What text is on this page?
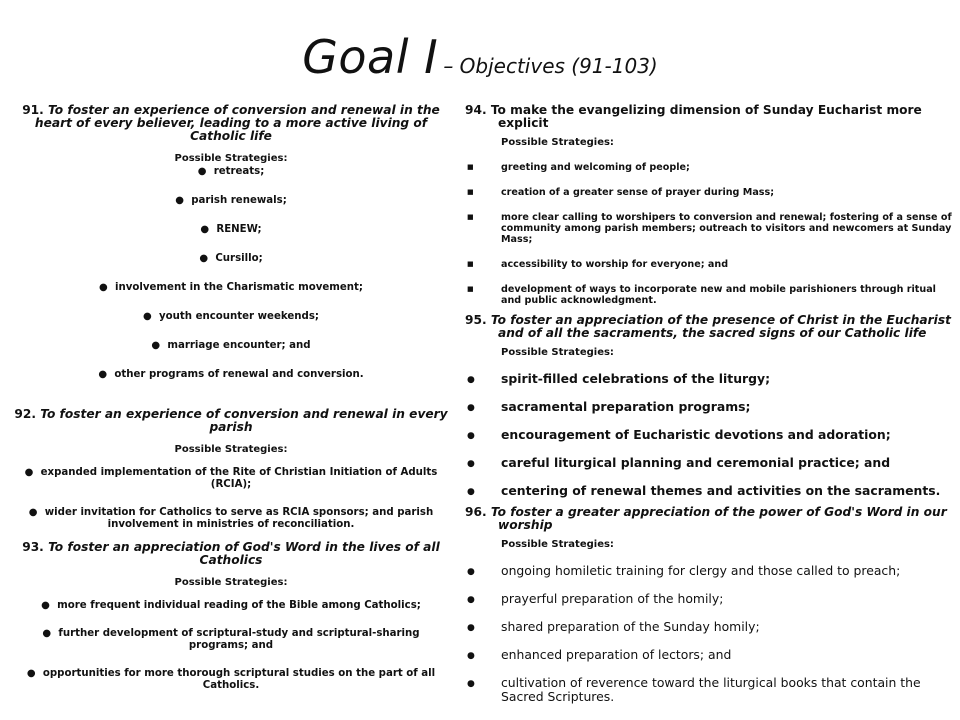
Goal I – Objectives (91-103)

91. To foster an experience of conversion and renewal in the heart of every believer, leading to a more active living of Catholic life

Possible Strategies:

● retreats;
● parish renewals;
● RENEW;
● Cursillo;
● involvement in the Charismatic movement;
● youth encounter weekends;
● marriage encounter; and
● other programs of renewal and conversion.

92. To foster an experience of conversion and renewal in every parish

Possible Strategies:

● expanded implementation of the Rite of Christian Initiation of Adults (RCIA);
● wider invitation for Catholics to serve as RCIA sponsors; and parish involvement in ministries of reconciliation.

93. To foster an appreciation of God's Word in the lives of all Catholics

Possible Strategies:

● more frequent individual reading of the Bible among Catholics;
● further development of scriptural-study and scriptural-sharing programs; and
● opportunities for more thorough scriptural studies on the part of all Catholics.

94. To make the evangelizing dimension of Sunday Eucharist more explicit

Possible Strategies:

■	greeting and welcoming of people;
■	creation of a greater sense of prayer during Mass;
■	more clear calling to worshipers to conversion and renewal; fostering of a sense of community among parish members; outreach to visitors and newcomers at Sunday Mass;
■	accessibility to worship for everyone; and
■	development of ways to incorporate new and mobile parishioners through ritual and public acknowledgment.

95. To foster an appreciation of the presence of Christ in the Eucharist and of all the sacraments, the sacred signs of our Catholic life

Possible Strategies:

● spirit-filled celebrations of the liturgy;
● sacramental preparation programs;
● encouragement of Eucharistic devotions and adoration;
● careful liturgical planning and ceremonial practice; and
● centering of renewal themes and activities on the sacraments.

96. To foster a greater appreciation of the power of God's Word in our worship

Possible Strategies:

● ongoing homiletic training for clergy and those called to preach;
● prayerful preparation of the homily;
● shared preparation of the Sunday homily;
● enhanced preparation of lectors; and
● cultivation of reverence toward the liturgical books that contain the Sacred Scriptures.
